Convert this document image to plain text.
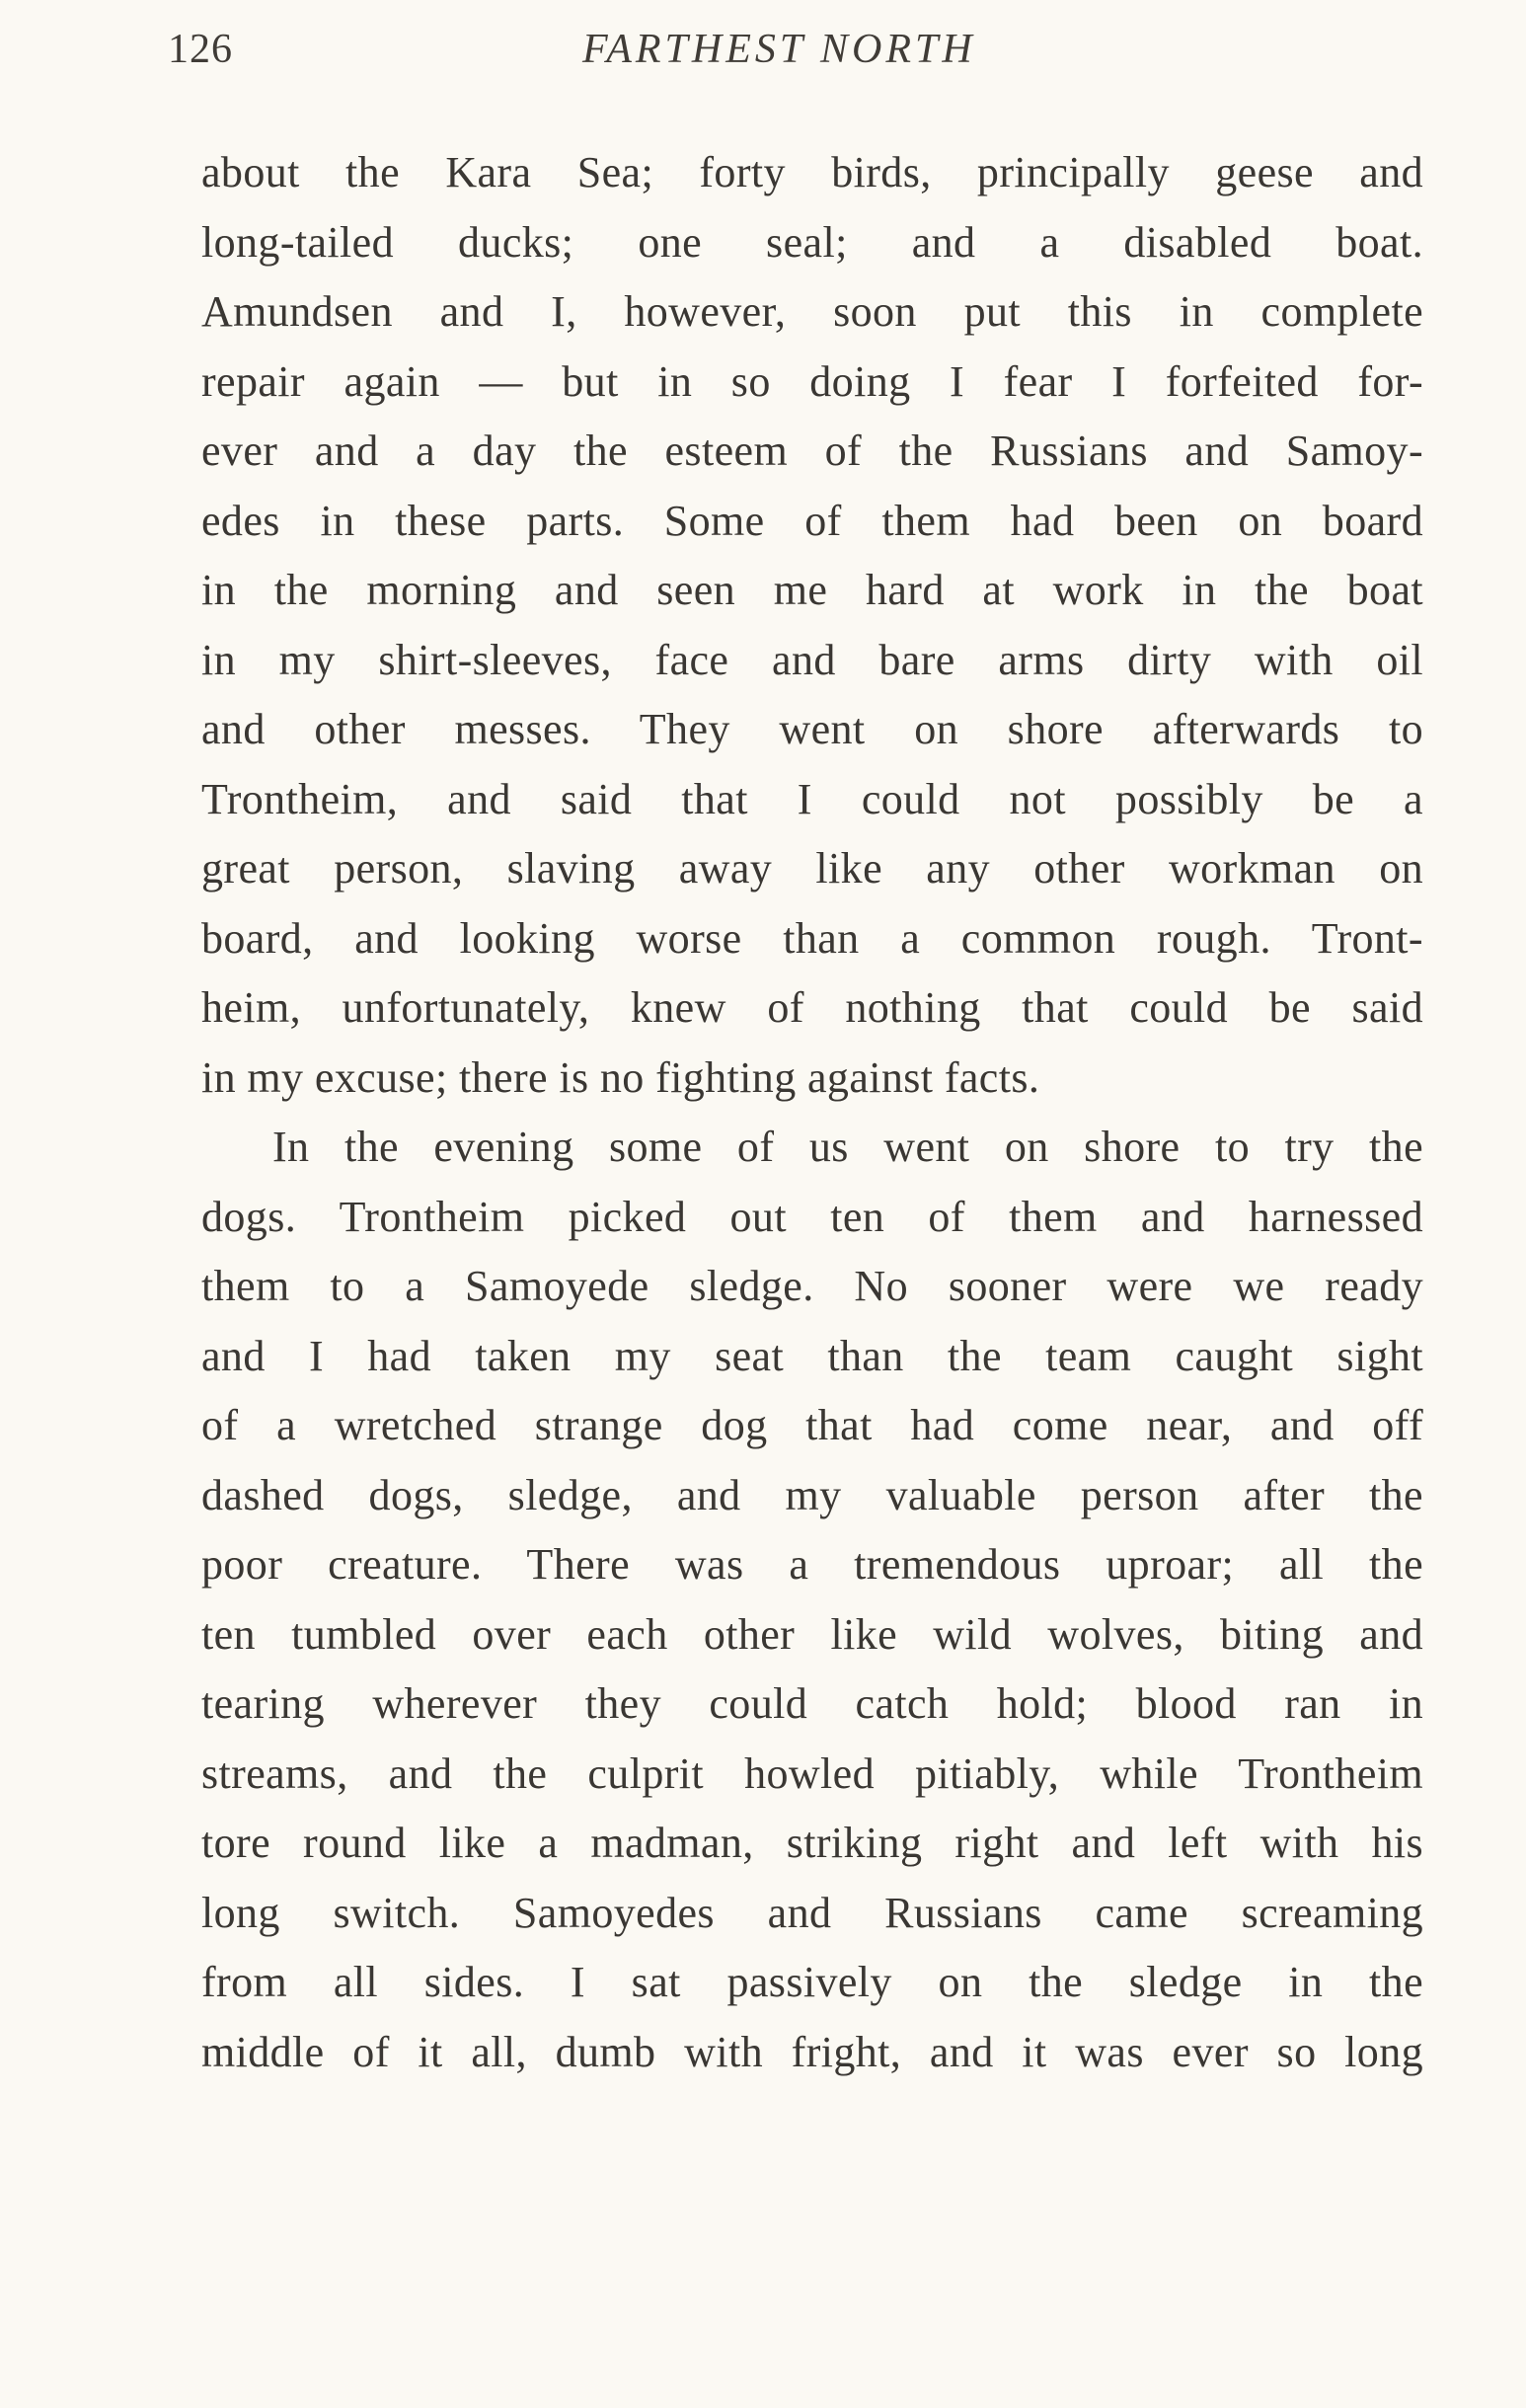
126	FARTHEST NORTH
about the Kara Sea; forty birds, principally geese and
long-tailed ducks; one seal; and a disabled boat.
Amundsen and I, however, soon put this in complete
repair again — but in so doing I fear I forfeited for-
ever and a day the esteem of the Russians and Samoy-
edes in these parts. Some of them had been on board
in the morning and seen me hard at work in the boat
in my shirt-sleeves, face and bare arms dirty with oil
and other messes. They went on shore afterwards to
Trontheim, and said that I could not possibly be a
great person, slaving away like any other workman on
board, and looking worse than a common rough. Tront-
heim, unfortunately, knew of nothing that could be said
in my excuse; there is no fighting against facts.
In the evening some of us went on shore to try the
dogs. Trontheim picked out ten of them and harnessed
them to a Samoyede sledge. No sooner were we ready
and I had taken my seat than the team caught sight
of a wretched strange dog that had come near, and off
dashed dogs, sledge, and my valuable person after the
poor creature. There was a tremendous uproar; all the
ten tumbled over each other like wild wolves, biting and
tearing wherever they could catch hold; blood ran in
streams, and the culprit howled pitiably, while Trontheim
tore round like a madman, striking right and left with his
long switch. Samoyedes and Russians came screaming
from all sides. I sat passively on the sledge in the
middle of it all, dumb with fright, and it was ever so long
